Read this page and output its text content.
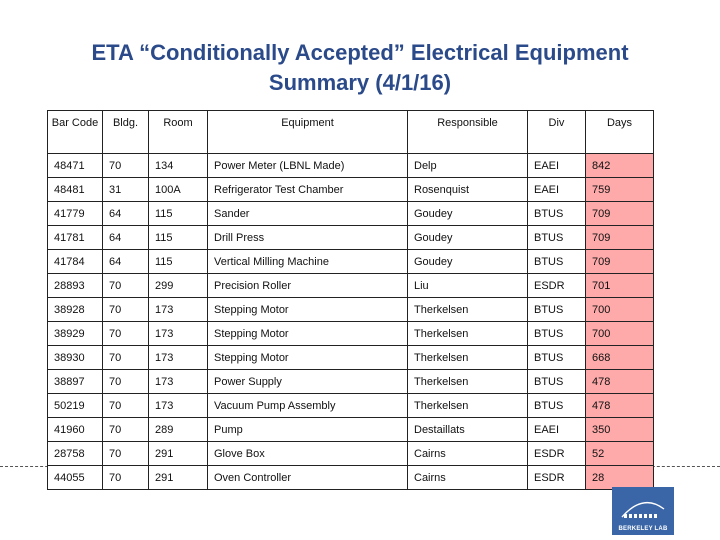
ETA “Conditionally Accepted” Electrical Equipment
Summary (4/1/16)
Bar Code	Bldg.	Room	Equipment	Responsible	Div	Days
48471	70	134	Power Meter (LBNL Made)	Delp	EAEI	842
48481	31	100A	Refrigerator Test Chamber	Rosenquist	EAEI	759
41779	64	115	Sander	Goudey	BTUS	709
41781	64	115	Drill Press	Goudey	BTUS	709
41784	64	115	Vertical Milling Machine	Goudey	BTUS	709
28893	70	299	Precision Roller	Liu	ESDR	701
38928	70	173	Stepping Motor	Therkelsen	BTUS	700
38929	70	173	Stepping Motor	Therkelsen	BTUS	700
38930	70	173	Stepping Motor	Therkelsen	BTUS	668
38897	70	173	Power Supply	Therkelsen	BTUS	478
50219	70	173	Vacuum Pump Assembly	Therkelsen	BTUS	478
41960	70	289	Pump	Destaillats	EAEI	350
28758	70	291	Glove Box	Cairns	ESDR	52
44055	70	291	Oven Controller	Cairns	ESDR	28
BERKELEY LAB
